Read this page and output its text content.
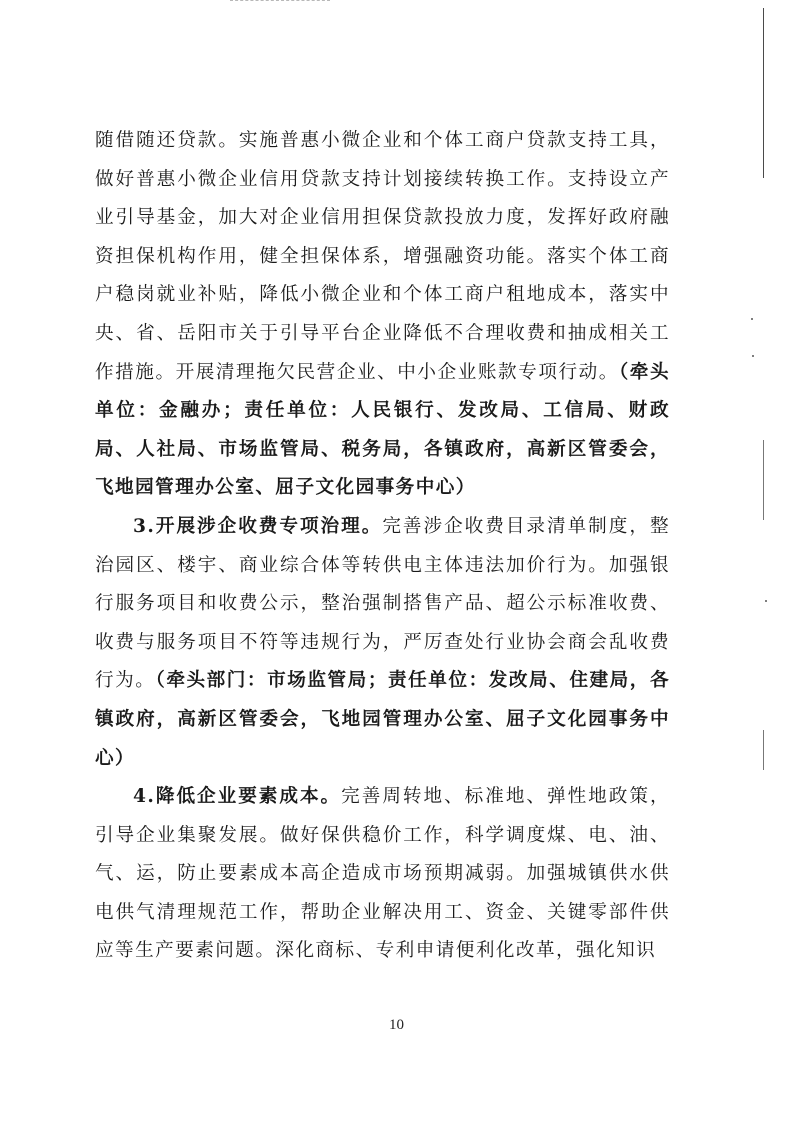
随借随还贷款。实施普惠小微企业和个体工商户贷款支持工具，做好普惠小微企业信用贷款支持计划接续转换工作。支持设立产业引导基金，加大对企业信用担保贷款投放力度，发挥好政府融资担保机构作用，健全担保体系，增强融资功能。落实个体工商户稳岗就业补贴，降低小微企业和个体工商户租地成本，落实中央、省、岳阳市关于引导平台企业降低不合理收费和抽成相关工作措施。开展清理拖欠民营企业、中小企业账款专项行动。（牵头单位：金融办；责任单位：人民银行、发改局、工信局、财政局、人社局、市场监管局、税务局，各镇政府，高新区管委会，飞地园管理办公室、屈子文化园事务中心）

3.开展涉企收费专项治理。完善涉企收费目录清单制度，整治园区、楼宇、商业综合体等转供电主体违法加价行为。加强银行服务项目和收费公示，整治强制搭售产品、超公示标准收费、收费与服务项目不符等违规行为，严厉查处行业协会商会乱收费行为。（牵头部门：市场监管局；责任单位：发改局、住建局，各镇政府，高新区管委会，飞地园管理办公室、屈子文化园事务中心）

4.降低企业要素成本。完善周转地、标准地、弹性地政策，引导企业集聚发展。做好保供稳价工作，科学调度煤、电、油、气、运，防止要素成本高企造成市场预期减弱。加强城镇供水供电供气清理规范工作，帮助企业解决用工、资金、关键零部件供应等生产要素问题。深化商标、专利申请便利化改革，强化知识

10
